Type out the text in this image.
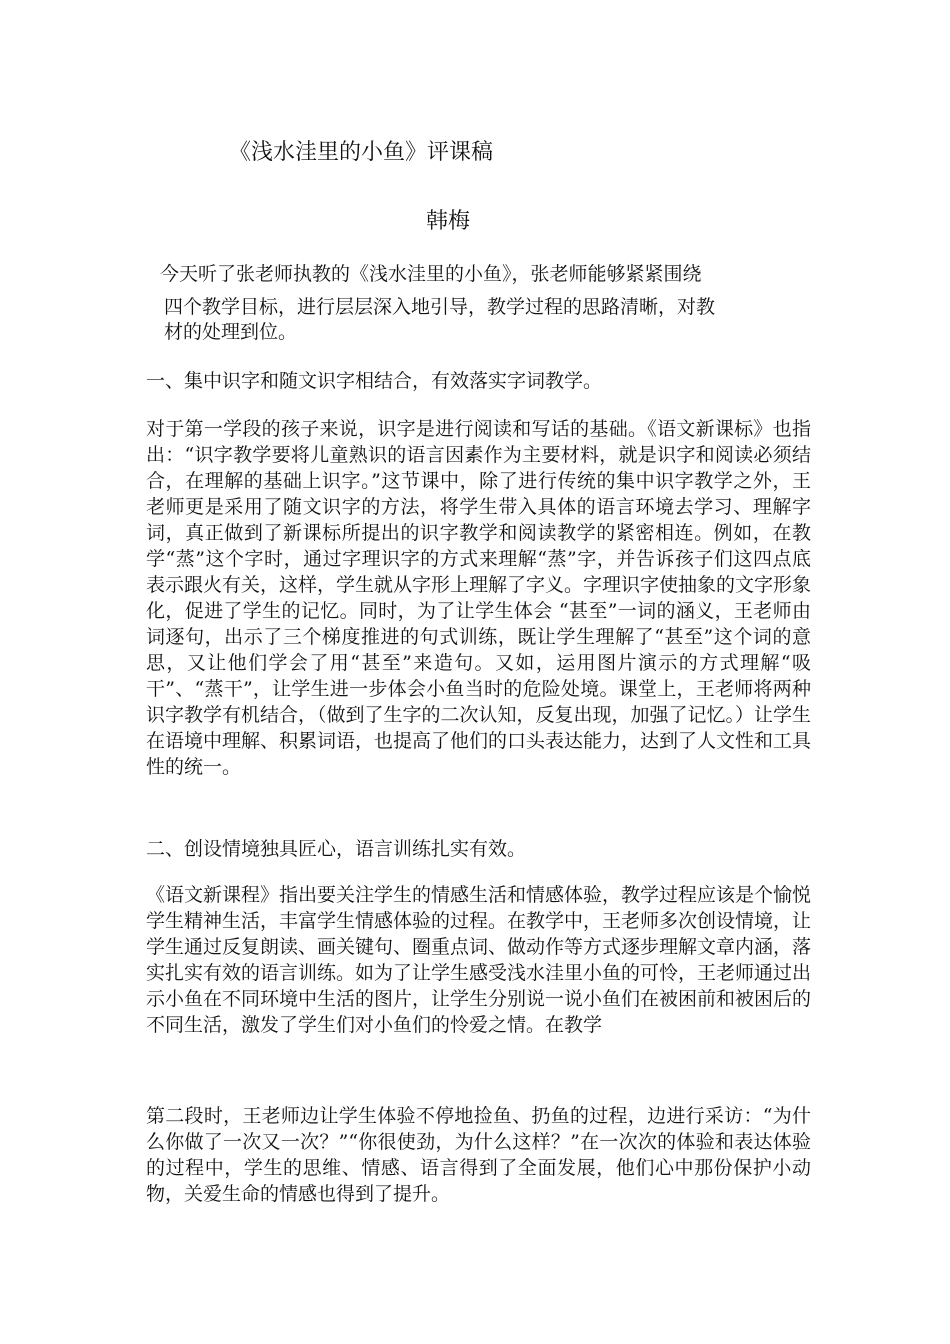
《浅水洼里的小鱼》评课稿
韩梅
今天听了张老师执教的《浅水洼里的小鱼》，张老师能够紧紧围绕
四个教学目标，进行层层深入地引导，教学过程的思路清晰，对教
材的处理到位。
一、集中识字和随文识字相结合，有效落实字词教学。
对于第一学段的孩子来说，识字是进行阅读和写话的基础。《语文新课标》也指出：“识字教学要将儿童熟识的语言因素作为主要材料，就是识字和阅读必须结合，在理解的基础上识字。”这节课中，除了进行传统的集中识字教学之外，王老师更是采用了随文识字的方法，将学生带入具体的语言环境去学习、理解字词，真正做到了新课标所提出的识字教学和阅读教学的紧密相连。例如，在教学“蒸”这个字时，通过字理识字的方式来理解“蒸”字，并告诉孩子们这四点底表示跟火有关，这样，学生就从字形上理解了字义。字理识字使抽象的文字形象化，促进了学生的记忆。同时，为了让学生体会 “甚至”一词的涵义，王老师由词逐句，出示了三个梯度推进的句式训练，既让学生理解了“甚至”这个词的意思，又让他们学会了用“甚至”来造句。又如，运用图片演示的方式理解“吸干”、“蒸干”，让学生进一步体会小鱼当时的危险处境。课堂上，王老师将两种识字教学有机结合，（做到了生字的二次认知，反复出现，加强了记忆。）让学生在语境中理解、积累词语，也提高了他们的口头表达能力，达到了人文性和工具性的统一。
二、创设情境独具匠心，语言训练扎实有效。
《语文新课程》指出要关注学生的情感生活和情感体验，教学过程应该是个愉悦学生精神生活，丰富学生情感体验的过程。在教学中，王老师多次创设情境，让学生通过反复朗读、画关键句、圈重点词、做动作等方式逐步理解文章内涵，落实扎实有效的语言训练。如为了让学生感受浅水洼里小鱼的可怜，王老师通过出示小鱼在不同环境中生活的图片，让学生分别说一说小鱼们在被困前和被困后的不同生活，激发了学生们对小鱼们的怜爱之情。在教学
第二段时，王老师边让学生体验不停地捡鱼、扔鱼的过程，边进行采访：“为什么你做了一次又一次？”“你很使劲，为什么这样？”在一次次的体验和表达体验的过程中，学生的思维、情感、语言得到了全面发展，他们心中那份保护小动物，关爱生命的情感也得到了提升。
